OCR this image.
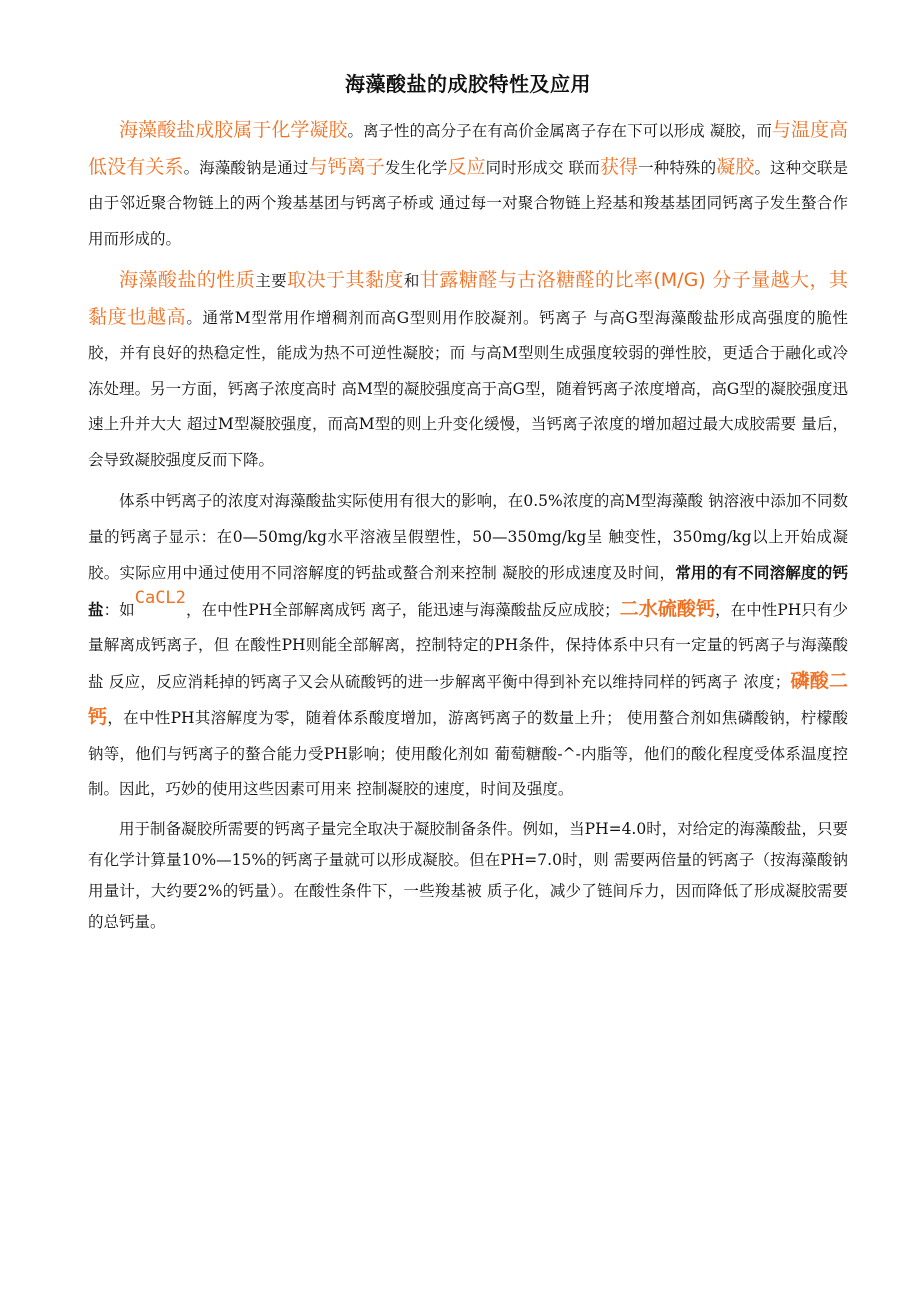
海藻酸盐的成胶特性及应用

海藻酸盐成胶属于化学凝胶。离子性的高分子在有高价金属离子存在下可以形成 凝胶，而与温度高低没有关系。海藻酸钠是通过与钙离子发生化学反应同时形成交 联而获得一种特殊的凝胶。这种交联是由于邻近聚合物链上的两个羧基基团与钙离子桥或 通过每一对聚合物链上羟基和羧基基团同钙离子发生螯合作用而形成的。

海藻酸盐的性质主要取决于其黏度和甘露糖醛与古洛糖醛的比率(M/G) 分子量越大，其黏度也越高。通常M型常用作增稠剂而高G型则用作胶凝剂。钙离子 与高G型海藻酸盐形成高强度的脆性胶，并有良好的热稳定性，能成为热不可逆性凝胶；而 与高M型则生成强度较弱的弹性胶，更适合于融化或冷冻处理。另一方面，钙离子浓度高时 高M型的凝胶强度高于高G型，随着钙离子浓度增高，高G型的凝胶强度迅速上升并大大 超过M型凝胶强度，而高M型的则上升变化缓慢，当钙离子浓度的增加超过最大成胶需要 量后，会导致凝胶强度反而下降。

体系中钙离子的浓度对海藻酸盐实际使用有很大的影响，在0.5%浓度的高M型海藻酸 钠溶液中添加不同数量的钙离子显示：在0—50mg/kg水平溶液呈假塑性，50—350mg/kg呈 触变性，350mg/kg以上开始成凝胶。实际应用中通过使用不同溶解度的钙盐或螯合剂来控制 凝胶的形成速度及时间，常用的有不同溶解度的钙盐：如CaCL2，在中性PH全部解离成钙 离子，能迅速与海藻酸盐反应成胶；二水硫酸钙，在中性PH只有少量解离成钙离子，但 在酸性PH则能全部解离，控制特定的PH条件，保持体系中只有一定量的钙离子与海藻酸盐 反应，反应消耗掉的钙离子又会从硫酸钙的进一步解离平衡中得到补充以维持同样的钙离子 浓度；磷酸二钙，在中性PH其溶解度为零，随着体系酸度增加，游离钙离子的数量上升； 使用螯合剂如焦磷酸钠，柠檬酸钠等，他们与钙离子的螯合能力受PH影响；使用酸化剂如 葡萄糖酸-^-内脂等，他们的酸化程度受体系温度控制。因此，巧妙的使用这些因素可用来 控制凝胶的速度，时间及强度。

用于制备凝胶所需要的钙离子量完全取决于凝胶制备条件。例如，当PH=4.0时，对给定的海藻酸盐，只要有化学计算量10%—15%的钙离子量就可以形成凝胶。但在PH=7.0时，则 需要两倍量的钙离子（按海藻酸钠用量计，大约要2%的钙量）。在酸性条件下，一些羧基被 质子化，减少了链间斥力，因而降低了形成凝胶需要的总钙量。
